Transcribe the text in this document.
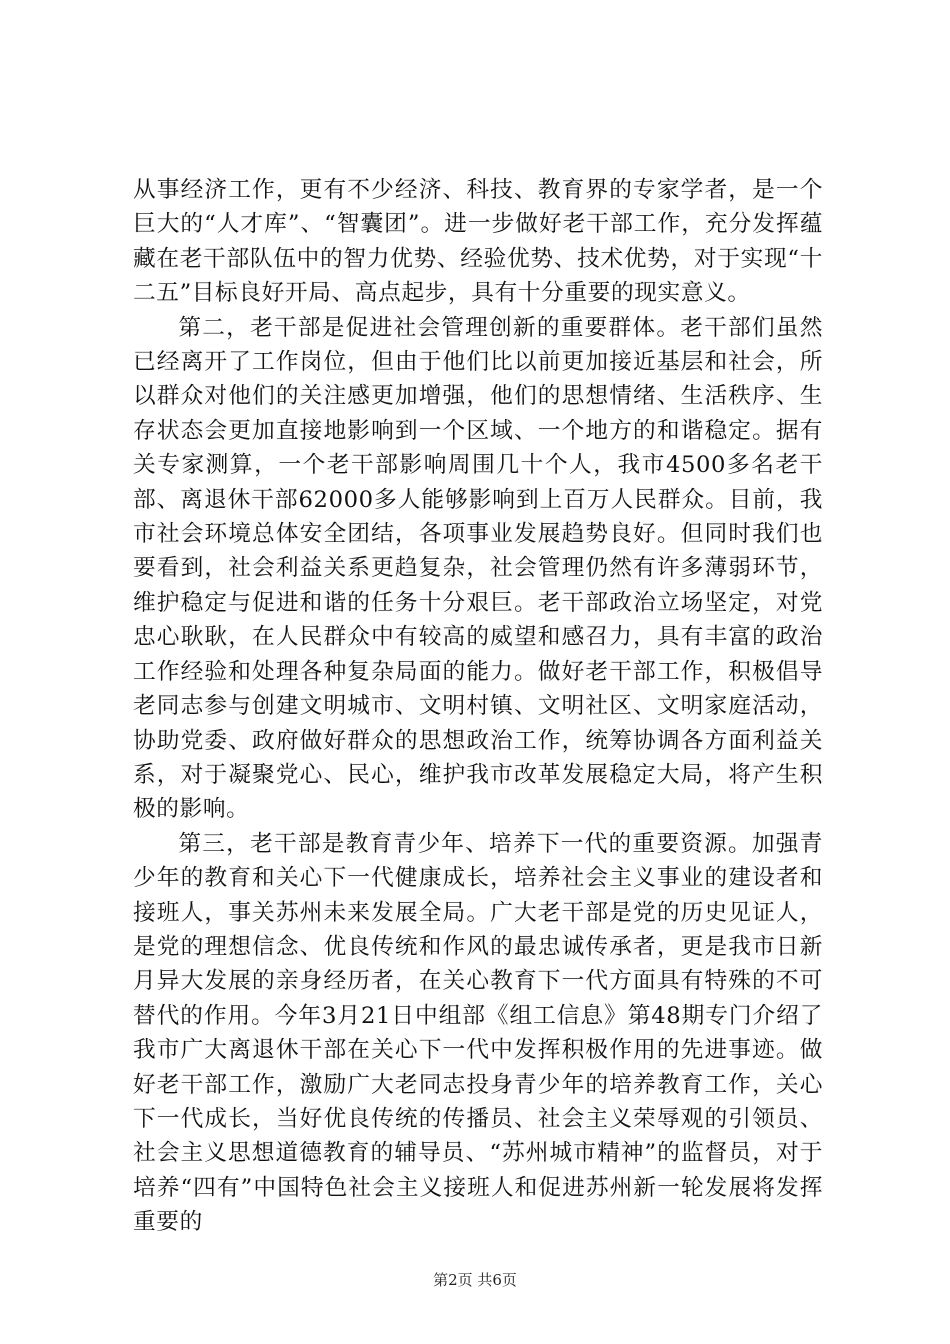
从事经济工作，更有不少经济、科技、教育界的专家学者，是一个巨大的“人才库”、“智囊团”。进一步做好老干部工作，充分发挥蕴藏在老干部队伍中的智力优势、经验优势、技术优势，对于实现“十二五”目标良好开局、高点起步，具有十分重要的现实意义。

第二，老干部是促进社会管理创新的重要群体。老干部们虽然已经离开了工作岗位，但由于他们比以前更加接近基层和社会，所以群众对他们的关注感更加增强，他们的思想情绪、生活秩序、生存状态会更加直接地影响到一个区域、一个地方的和谐稳定。据有关专家测算，一个老干部影响周围几十个人，我市4500多名老干部、离退休干部62000多人能够影响到上百万人民群众。目前，我市社会环境总体安全团结，各项事业发展趋势良好。但同时我们也要看到，社会利益关系更趋复杂，社会管理仍然有许多薄弱环节，维护稳定与促进和谐的任务十分艰巨。老干部政治立场坚定，对党忠心耿耿，在人民群众中有较高的威望和感召力，具有丰富的政治工作经验和处理各种复杂局面的能力。做好老干部工作，积极倡导老同志参与创建文明城市、文明村镇、文明社区、文明家庭活动，协助党委、政府做好群众的思想政治工作，统筹协调各方面利益关系，对于凝聚党心、民心，维护我市改革发展稳定大局，将产生积极的影响。

第三，老干部是教育青少年、培养下一代的重要资源。加强青少年的教育和关心下一代健康成长，培养社会主义事业的建设者和接班人，事关苏州未来发展全局。广大老干部是党的历史见证人，是党的理想信念、优良传统和作风的最忠诚传承者，更是我市日新月异大发展的亲身经历者，在关心教育下一代方面具有特殊的不可替代的作用。今年3月21日中组部《组工信息》第48期专门介绍了我市广大离退休干部在关心下一代中发挥积极作用的先进事迹。做好老干部工作，激励广大老同志投身青少年的培养教育工作，关心下一代成长，当好优良传统的传播员、社会主义荣辱观的引领员、社会主义思想道德教育的辅导员、“苏州城市精神”的监督员，对于培养“四有”中国特色社会主义接班人和促进苏州新一轮发展将发挥重要的

第2页 共6页
